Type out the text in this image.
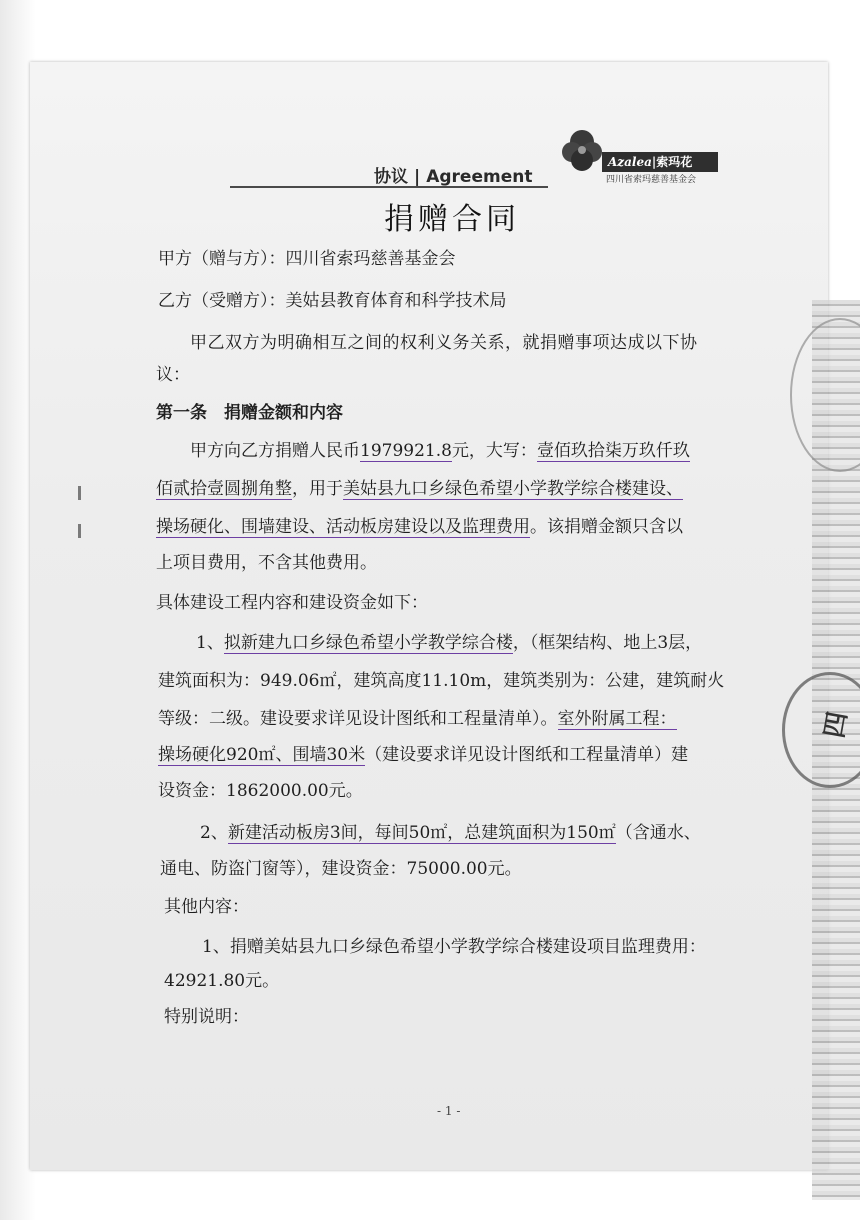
四
Azalea|索玛花
四川省索玛慈善基金会
协议 | Agreement
捐赠合同
甲方（赠与方）：四川省索玛慈善基金会
乙方（受赠方）：美姑县教育体育和科学技术局
甲乙双方为明确相互之间的权利义务关系，就捐赠事项达成以下协
议：
第一条　捐赠金额和内容
甲方向乙方捐赠人民币1979921.8元，大写：壹佰玖拾柒万玖仟玖
佰贰拾壹圆捌角整，用于美姑县九口乡绿色希望小学教学综合楼建设、
操场硬化、围墙建设、活动板房建设以及监理费用。该捐赠金额只含以
上项目费用，不含其他费用。
具体建设工程内容和建设资金如下：
1、拟新建九口乡绿色希望小学教学综合楼，（框架结构、地上3层，
建筑面积为：949.06㎡，建筑高度11.10m，建筑类别为：公建，建筑耐火
等级：二级。建设要求详见设计图纸和工程量清单）。室外附属工程：
操场硬化920㎡、围墙30米（建设要求详见设计图纸和工程量清单）建
设资金：1862000.00元。
2、新建活动板房3间，每间50㎡，总建筑面积为150㎡（含通水、
通电、防盗门窗等），建设资金：75000.00元。
其他内容：
1、捐赠美姑县九口乡绿色希望小学教学综合楼建设项目监理费用：
42921.80元。
特别说明：
- 1 -
